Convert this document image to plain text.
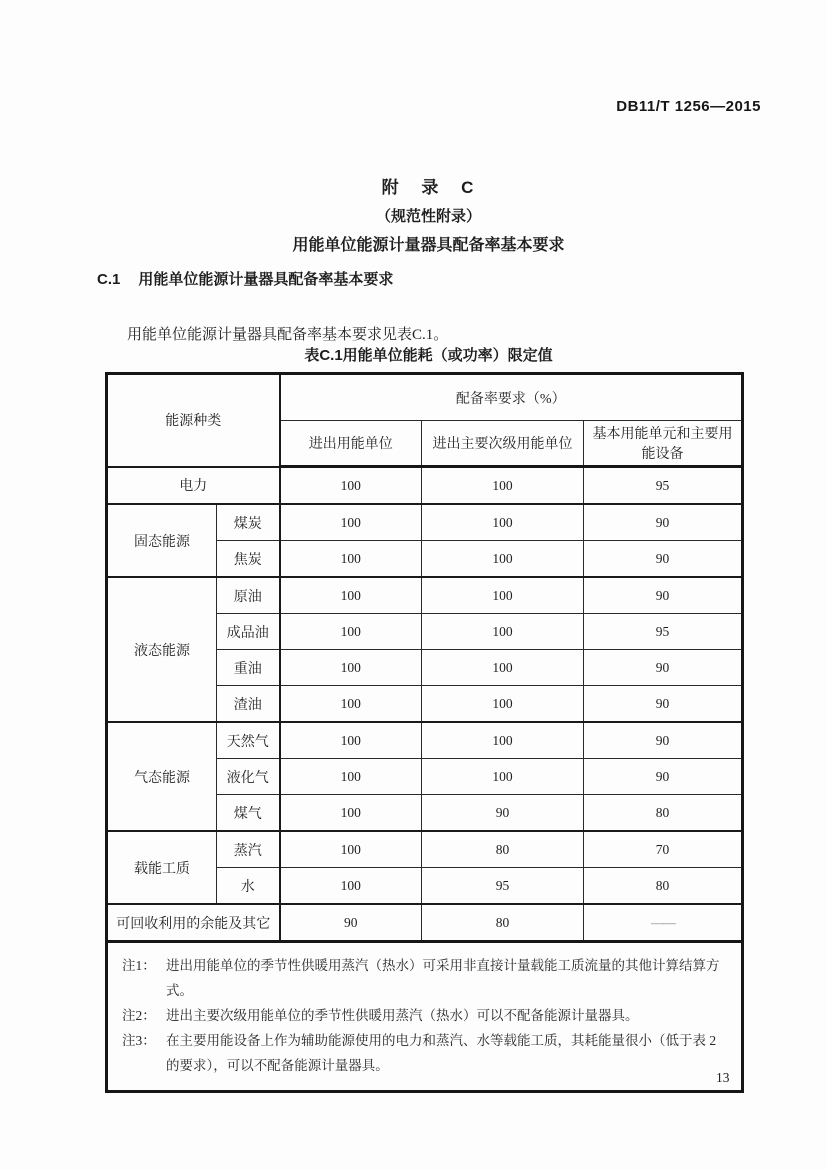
DB11/T 1256—2015
附 录 C
（规范性附录）
用能单位能源计量器具配备率基本要求
C.1 用能单位能源计量器具配备率基本要求

用能单位能源计量器具配备率基本要求见表C.1。

表C.1用能单位能耗（或功率）限定值
能源种类		配备率要求（%）		
		进出用能单位	进出主要次级用能单位	基本用能单元和主要用能设备
电力		100	100	95
固态能源	煤炭	100	100	90
	焦炭	100	100	90
液态能源	原油	100	100	90
	成品油	100	100	95
	重油	100	100	90
	渣油	100	100	90
气态能源	天然气	100	100	90
	液化气	100	100	90
	煤气	100	90	80
载能工质	蒸汽	100	80	70
	水	100	95	80
可回收利用的余能及其它		90	80	——

注1： 进出用能单位的季节性供暖用蒸汽（热水）可采用非直接计量载能工质流量的其他计算结算方式。
注2： 进出主要次级用能单位的季节性供暖用蒸汽（热水）可以不配备能源计量器具。
注3： 在主要用能设备上作为辅助能源使用的电力和蒸汽、水等载能工质，其耗能量很小（低于表 2 的要求），可以不配备能源计量器具。
13
